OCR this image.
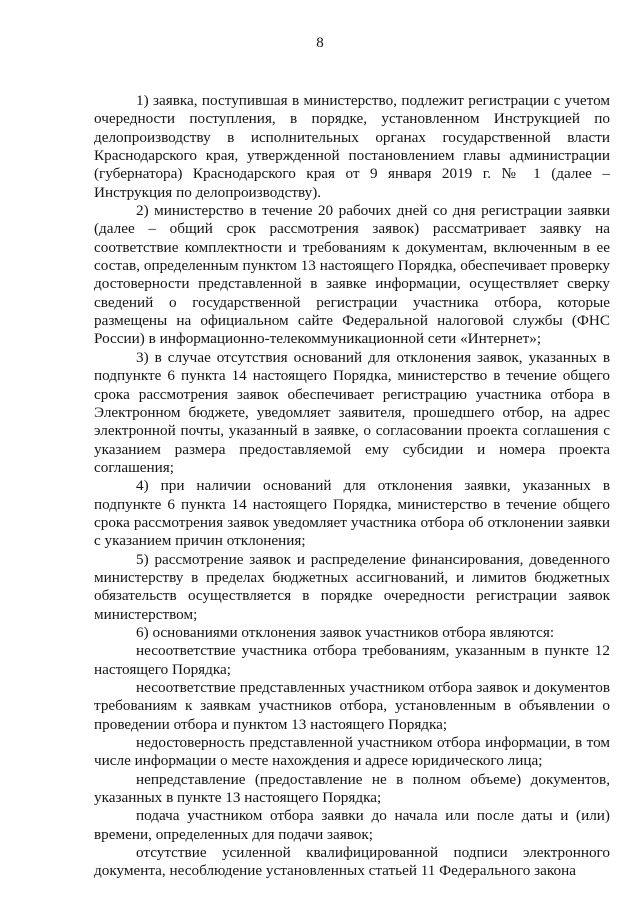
8

1) заявка, поступившая в министерство, подлежит регистрации с учетом очередности поступления, в порядке, установленном Инструкцией по делопроизводству в исполнительных органах государственной власти Краснодарского края, утвержденной постановлением главы администрации (губернатора) Краснодарского края от 9 января 2019 г. № 1 (далее – Инструкция по делопроизводству).

2) министерство в течение 20 рабочих дней со дня регистрации заявки (далее – общий срок рассмотрения заявок) рассматривает заявку на соответствие комплектности и требованиям к документам, включенным в ее состав, определенным пунктом 13 настоящего Порядка, обеспечивает проверку достоверности представленной в заявке информации, осуществляет сверку сведений о государственной регистрации участника отбора, которые размещены на официальном сайте Федеральной налоговой службы (ФНС России) в информационно-телекоммуникационной сети «Интернет»;

3) в случае отсутствия оснований для отклонения заявок, указанных в подпункте 6 пункта 14 настоящего Порядка, министерство в течение общего срока рассмотрения заявок обеспечивает регистрацию участника отбора в Электронном бюджете, уведомляет заявителя, прошедшего отбор, на адрес электронной почты, указанный в заявке, о согласовании проекта соглашения с указанием размера предоставляемой ему субсидии и номера проекта соглашения;

4) при наличии оснований для отклонения заявки, указанных в подпункте 6 пункта 14 настоящего Порядка, министерство в течение общего срока рассмотрения заявок уведомляет участника отбора об отклонении заявки с указанием причин отклонения;

5) рассмотрение заявок и распределение финансирования, доведенного министерству в пределах бюджетных ассигнований, и лимитов бюджетных обязательств осуществляется в порядке очередности регистрации заявок министерством;

6) основаниями отклонения заявок участников отбора являются:

несоответствие участника отбора требованиям, указанным в пункте 12 настоящего Порядка;

несоответствие представленных участником отбора заявок и документов требованиям к заявкам участников отбора, установленным в объявлении о проведении отбора и пунктом 13 настоящего Порядка;

недостоверность представленной участником отбора информации, в том числе информации о месте нахождения и адресе юридического лица;

непредставление (предоставление не в полном объеме) документов, указанных в пункте 13 настоящего Порядка;

подача участником отбора заявки до начала или после даты и (или) времени, определенных для подачи заявок;

отсутствие усиленной квалифицированной подписи электронного документа, несоблюдение установленных статьей 11 Федерального закона
